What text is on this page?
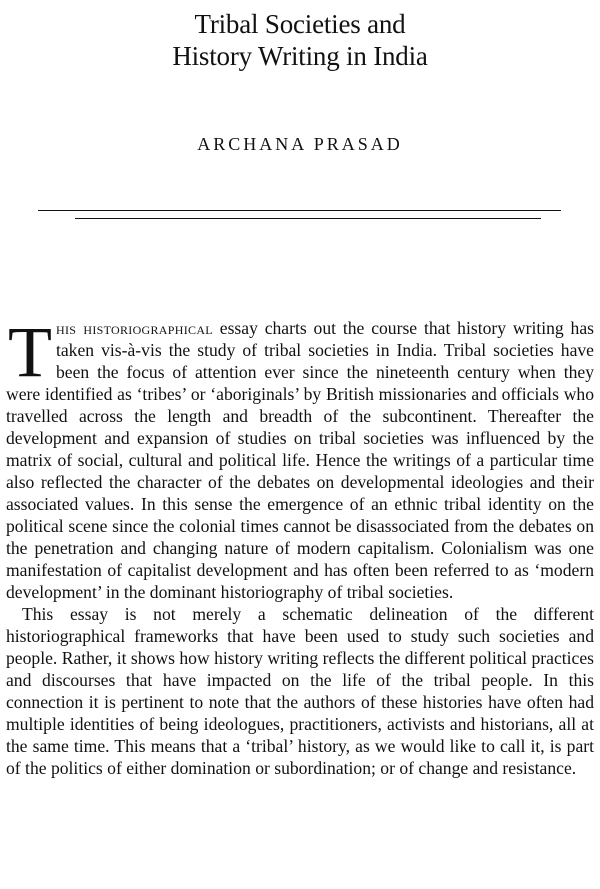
Tribal Societies and
History Writing in India
ARCHANA PRASAD

This historiographical essay charts out the course that history writing has taken vis-à-vis the study of tribal societies in India. Tribal societies have been the focus of attention ever since the nineteenth century when they were identified as ‘tribes’ or ‘aboriginals’ by British missionaries and officials who travelled across the length and breadth of the subcontinent. Thereafter the development and expansion of studies on tribal societies was influenced by the matrix of social, cultural and political life. Hence the writings of a particular time also reflected the character of the debates on developmental ideologies and their associated values. In this sense the emergence of an ethnic tribal identity on the political scene since the colonial times cannot be disassociated from the debates on the penetration and changing nature of modern capitalism. Colonialism was one manifestation of capitalist development and has often been referred to as ‘modern development’ in the dominant historiography of tribal societies.

This essay is not merely a schematic delineation of the different historiographical frameworks that have been used to study such societies and people. Rather, it shows how history writing reflects the different political practices and discourses that have impacted on the life of the tribal people. In this connection it is pertinent to note that the authors of these histories have often had multiple identities of being ideologues, practitioners, activists and historians, all at the same time. This means that a ‘tribal’ history, as we would like to call it, is part of the politics of either domination or subordination; or of change and resistance.
